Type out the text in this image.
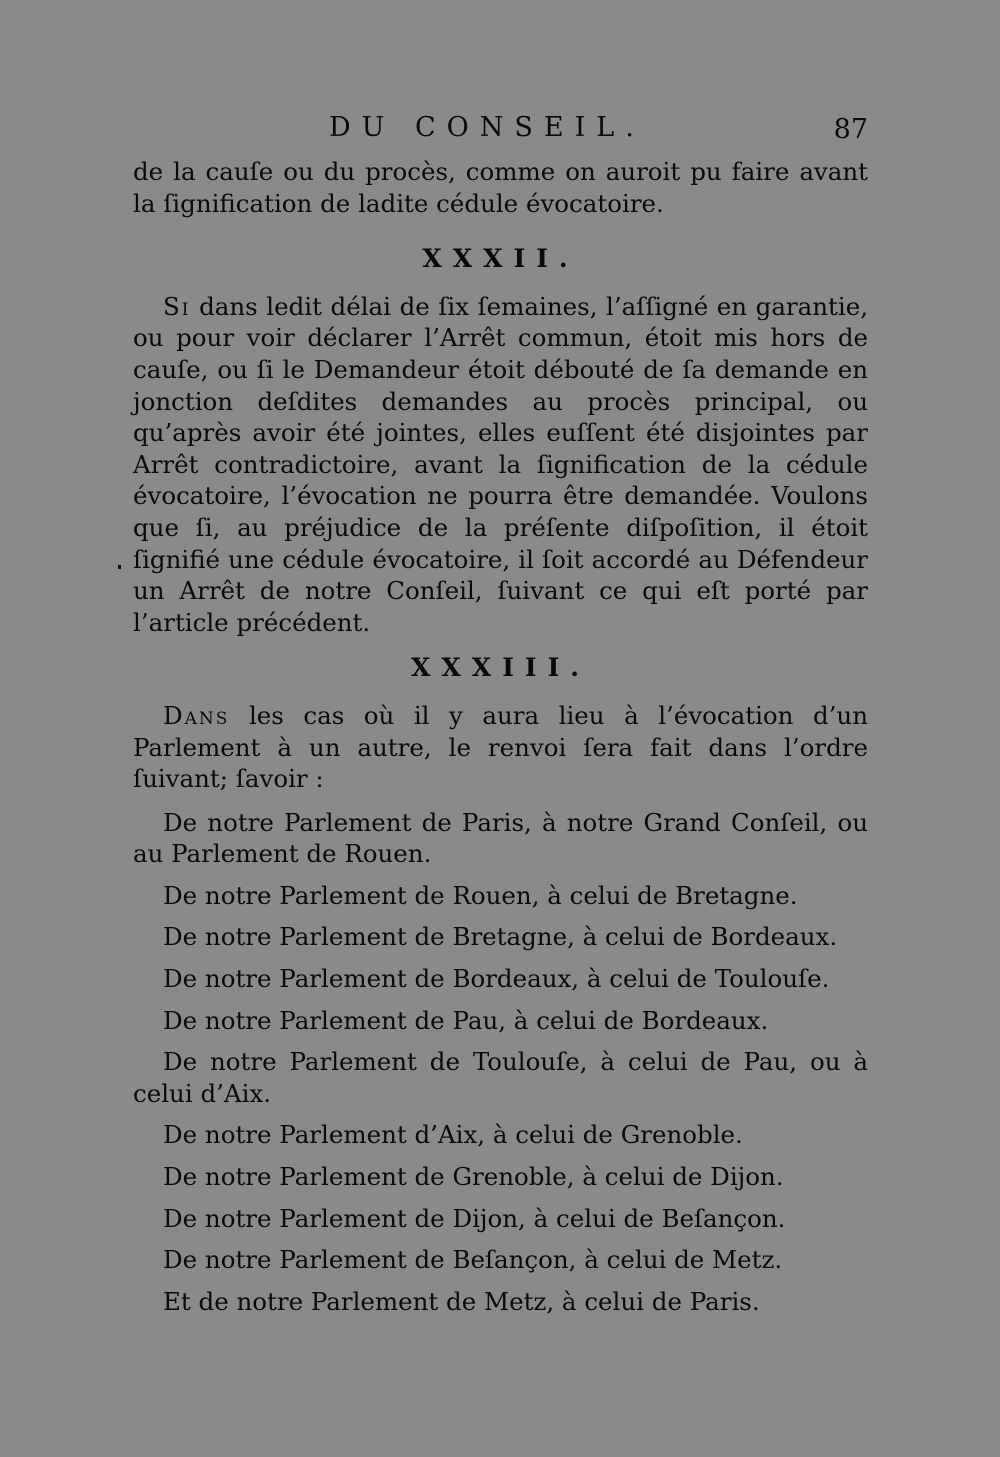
DU CONSEIL.	87

de la cauſe ou du procès, comme on auroit pu faire avant la ſignification de ladite cédule évocatoire.

XXXII.

Si dans ledit délai de ſix ſemaines, l’aſſigné en garantie, ou pour voir déclarer l’Arrêt commun, étoit mis hors de cauſe, ou ſi le Demandeur étoit débouté de ſa demande en jonction deſdites demandes au procès principal, ou qu’après avoir été jointes, elles euſſent été disjointes par Arrêt contradictoire, avant la ſignification de la cédule évocatoire, l’évocation ne pourra être demandée. Voulons que ſi, au préjudice de la préſente diſpoſition, il étoit ſignifié une cédule évocatoire, il ſoit accordé au Défendeur un Arrêt de notre Conſeil, ſuivant ce qui eſt porté par l’article précédent.

XXXIII.

Dans les cas où il y aura lieu à l’évocation d’un Parlement à un autre, le renvoi ſera fait dans l’ordre ſuivant; ſavoir :

De notre Parlement de Paris, à notre Grand Conſeil, ou au Parlement de Rouen.

De notre Parlement de Rouen, à celui de Bretagne.

De notre Parlement de Bretagne, à celui de Bordeaux.

De notre Parlement de Bordeaux, à celui de Toulouſe.

De notre Parlement de Pau, à celui de Bordeaux.

De notre Parlement de Toulouſe, à celui de Pau, ou à celui d’Aix.

De notre Parlement d’Aix, à celui de Grenoble.

De notre Parlement de Grenoble, à celui de Dijon.

De notre Parlement de Dijon, à celui de Beſançon.

De notre Parlement de Beſançon, à celui de Metz.

Et de notre Parlement de Metz, à celui de Paris.
